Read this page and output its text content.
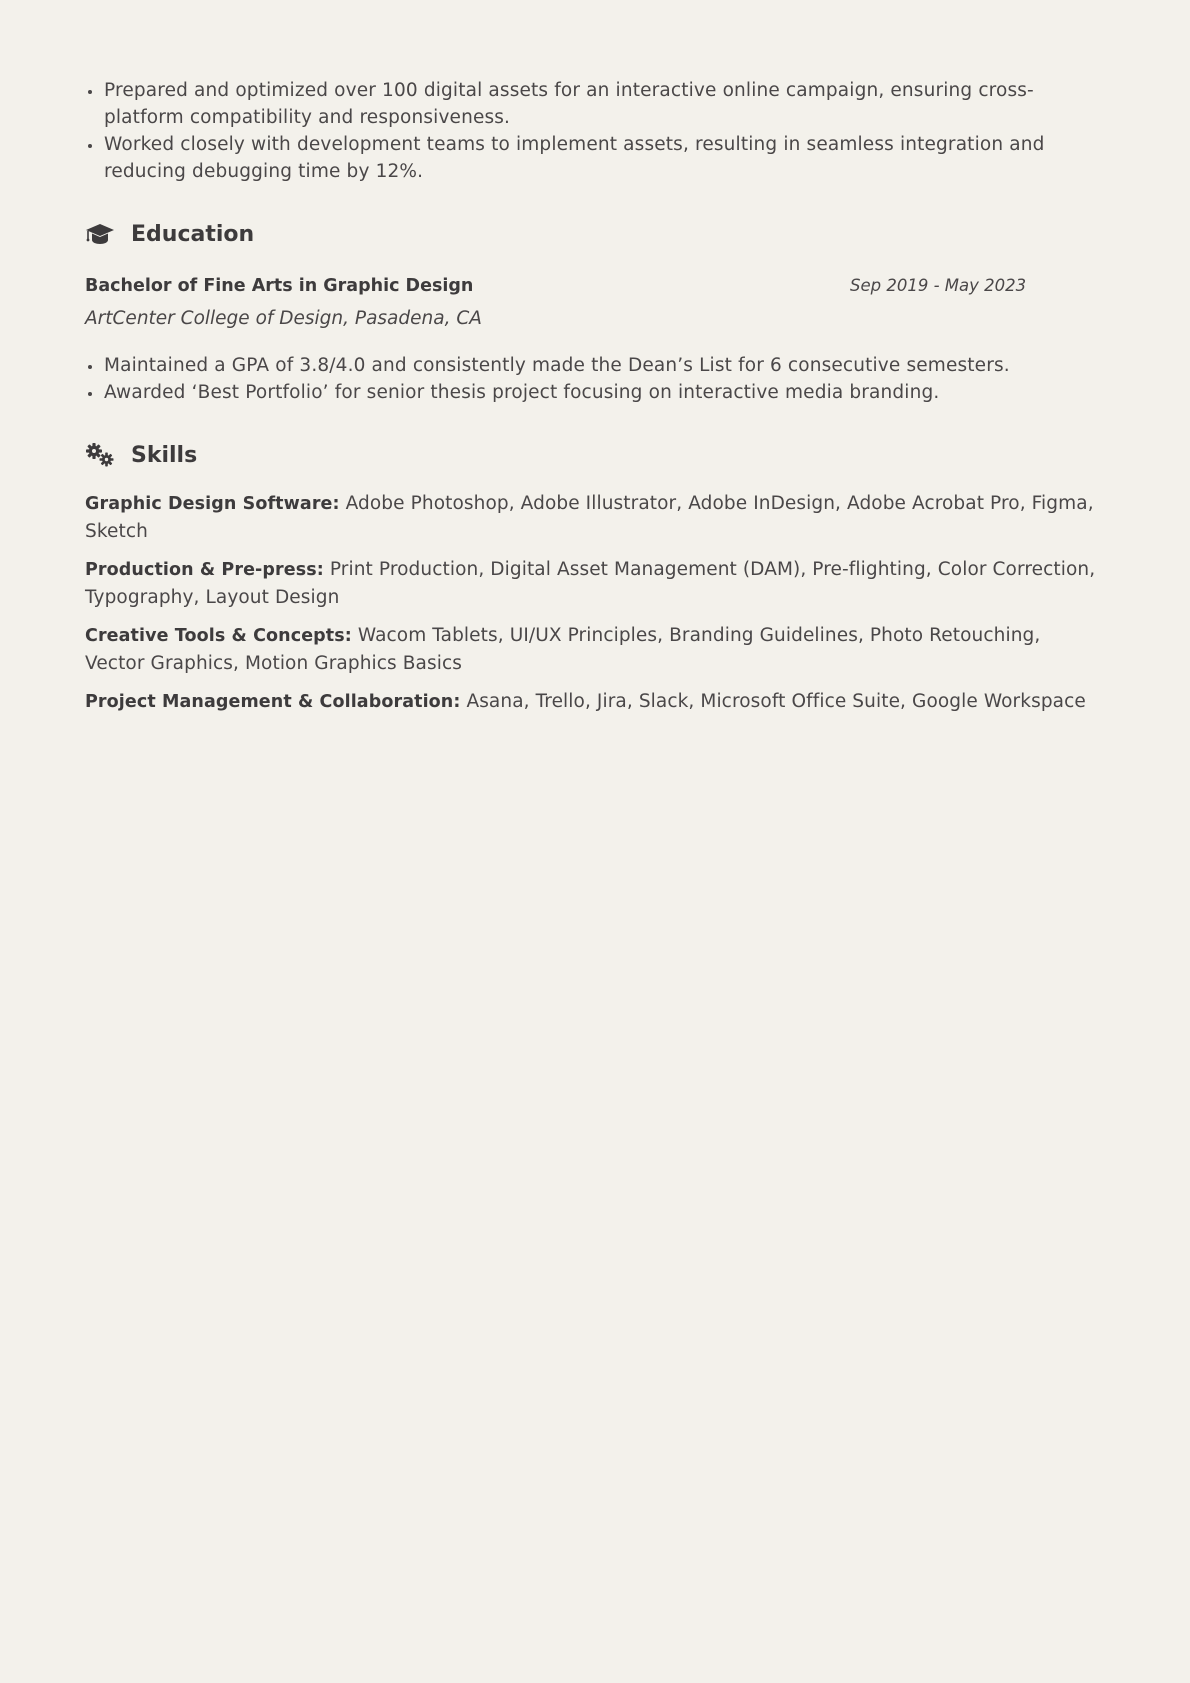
Prepared and optimized over 100 digital assets for an interactive online campaign, ensuring cross-platform compatibility and responsiveness.
Worked closely with development teams to implement assets, resulting in seamless integration and reducing debugging time by 12%.
Education
Bachelor of Fine Arts in Graphic Design	Sep 2019 - May 2023
ArtCenter College of Design, Pasadena, CA
Maintained a GPA of 3.8/4.0 and consistently made the Dean’s List for 6 consecutive semesters.
Awarded ‘Best Portfolio’ for senior thesis project focusing on interactive media branding.
Skills
Graphic Design Software: Adobe Photoshop, Adobe Illustrator, Adobe InDesign, Adobe Acrobat Pro, Figma, Sketch
Production & Pre-press: Print Production, Digital Asset Management (DAM), Pre-flighting, Color Correction, Typography, Layout Design
Creative Tools & Concepts: Wacom Tablets, UI/UX Principles, Branding Guidelines, Photo Retouching, Vector Graphics, Motion Graphics Basics
Project Management & Collaboration: Asana, Trello, Jira, Slack, Microsoft Office Suite, Google Workspace
